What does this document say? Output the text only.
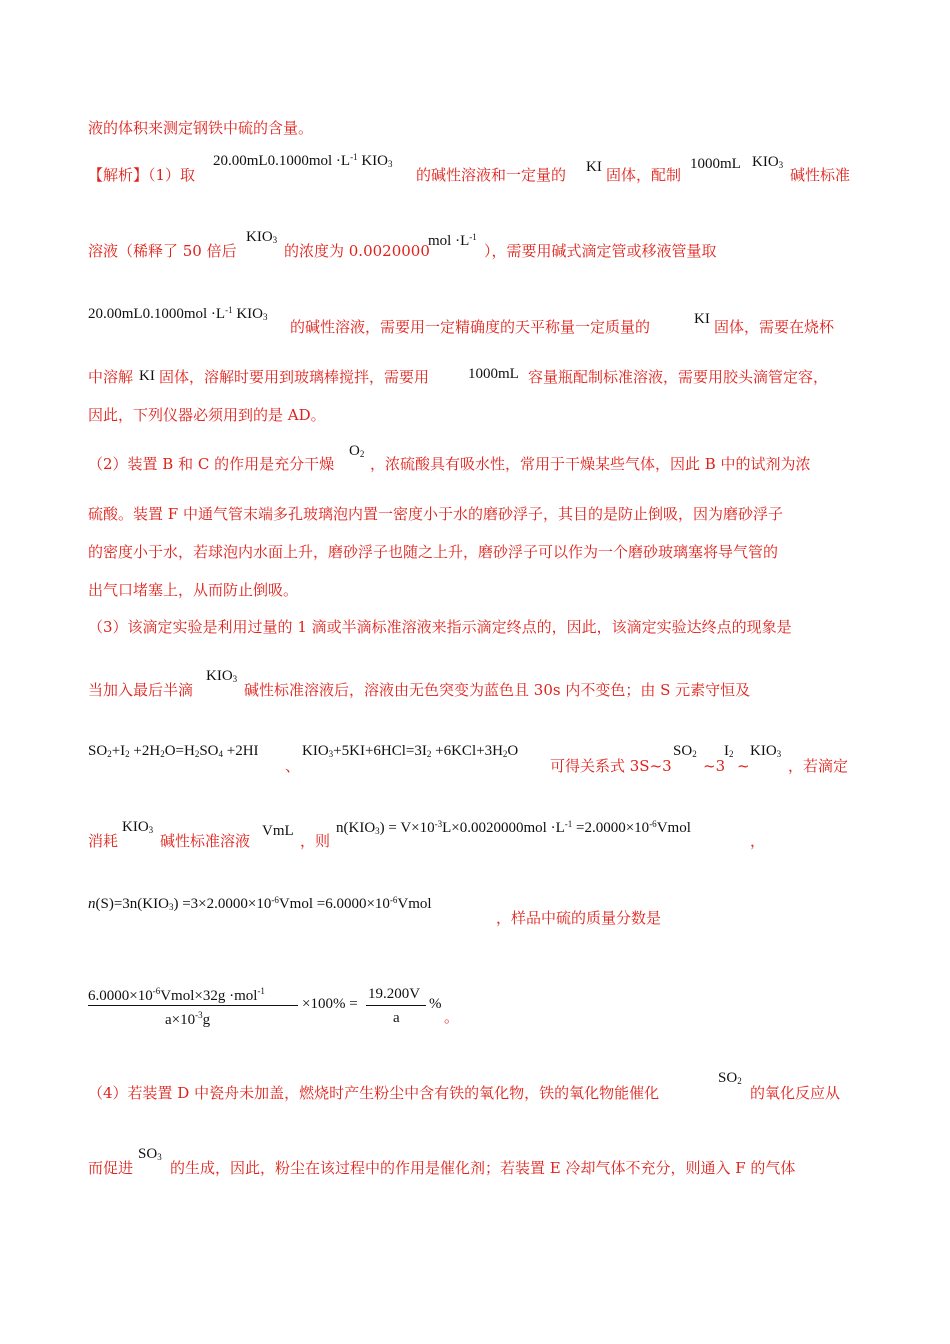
液的体积来测定钢铁中硫的含量。
【解析】（1）取
$20.00mL0.1000mol \cdot L^{-1}$ $KIO_3$
的碱性溶液和一定量的 KI 固体，配制
1000mL $KIO_3$
碱性标准
溶液（稀释了 50 倍后
$KIO_3$
的浓度为 0.0020000
mol $\cdot L^{-1}$
），需要用碱式滴定管或移液管量取
$20.00mL0.1000mol \cdot L^{-1}$ $KIO_3$
的碱性溶液，需要用一定精确度的天平称量一定质量的	KI 固体，需要在烧杯
中溶解 KI 固体，溶解时要用到玻璃棒搅拌，需要用	1000mL 容量瓶配制标准溶液，需要用胶头滴管定容，
因此，下列仪器必须用到的是 AD。
（2）装置 B 和 C 的作用是充分干燥
$O_2$
，浓硫酸具有吸水性，常用于干燥某些气体，因此 B 中的试剂为浓
硫酸。装置 F 中通气管末端多孔玻璃泡内置一密度小于水的磨砂浮子，其目的是防止倒吸，因为磨砂浮子
的密度小于水，若球泡内水面上升，磨砂浮子也随之上升，磨砂浮子可以作为一个磨砂玻璃塞将导气管的
出气口堵塞上，从而防止倒吸。
（3）该滴定实验是利用过量的 1 滴或半滴标准溶液来指示滴定终点的，因此，该滴定实验达终点的现象是
当加入最后半滴
$KIO_3$
碱性标准溶液后，溶液由无色突变为蓝色且 30s 内不变色；由 S 元素守恒及
$SO_2+I_2 +2H_2O=H_2SO_4 +2HI$
、
$KIO_3+5KI+6HCl=3I_2 +6KCl+3H_2O$
可得关系式 3S~3
$SO_2$
~3
$I_2$
~
$KIO_3$
，若滴定
消耗
$KIO_3$
碱性标准溶液
VmL
，则
$n(KIO_3) = V\times 10^{-3}L\times 0.0020000mol \cdot L^{-1}$ $=2.0000\times 10^{-6}Vmol$
，
$n(S)=3n(KIO_3)$ $=3\times 2.0000\times 10^{-6}Vmol$ $=6.0000\times 10^{-6}Vmol$
，样品中硫的质量分数是
$6.0000\times 10^{-6}Vmol\times 32g \cdot mol^{-1}$
$a\times 10^{-3}g$
×100% =
19.200V
a
%
。
（4）若装置 D 中瓷舟未加盖，燃烧时产生粉尘中含有铁的氧化物，铁的氧化物能催化
$SO_2$
的氧化反应从
而促进
$SO_3$
的生成，因此，粉尘在该过程中的作用是催化剂；若装置 E 冷却气体不充分，则通入 F 的气体
